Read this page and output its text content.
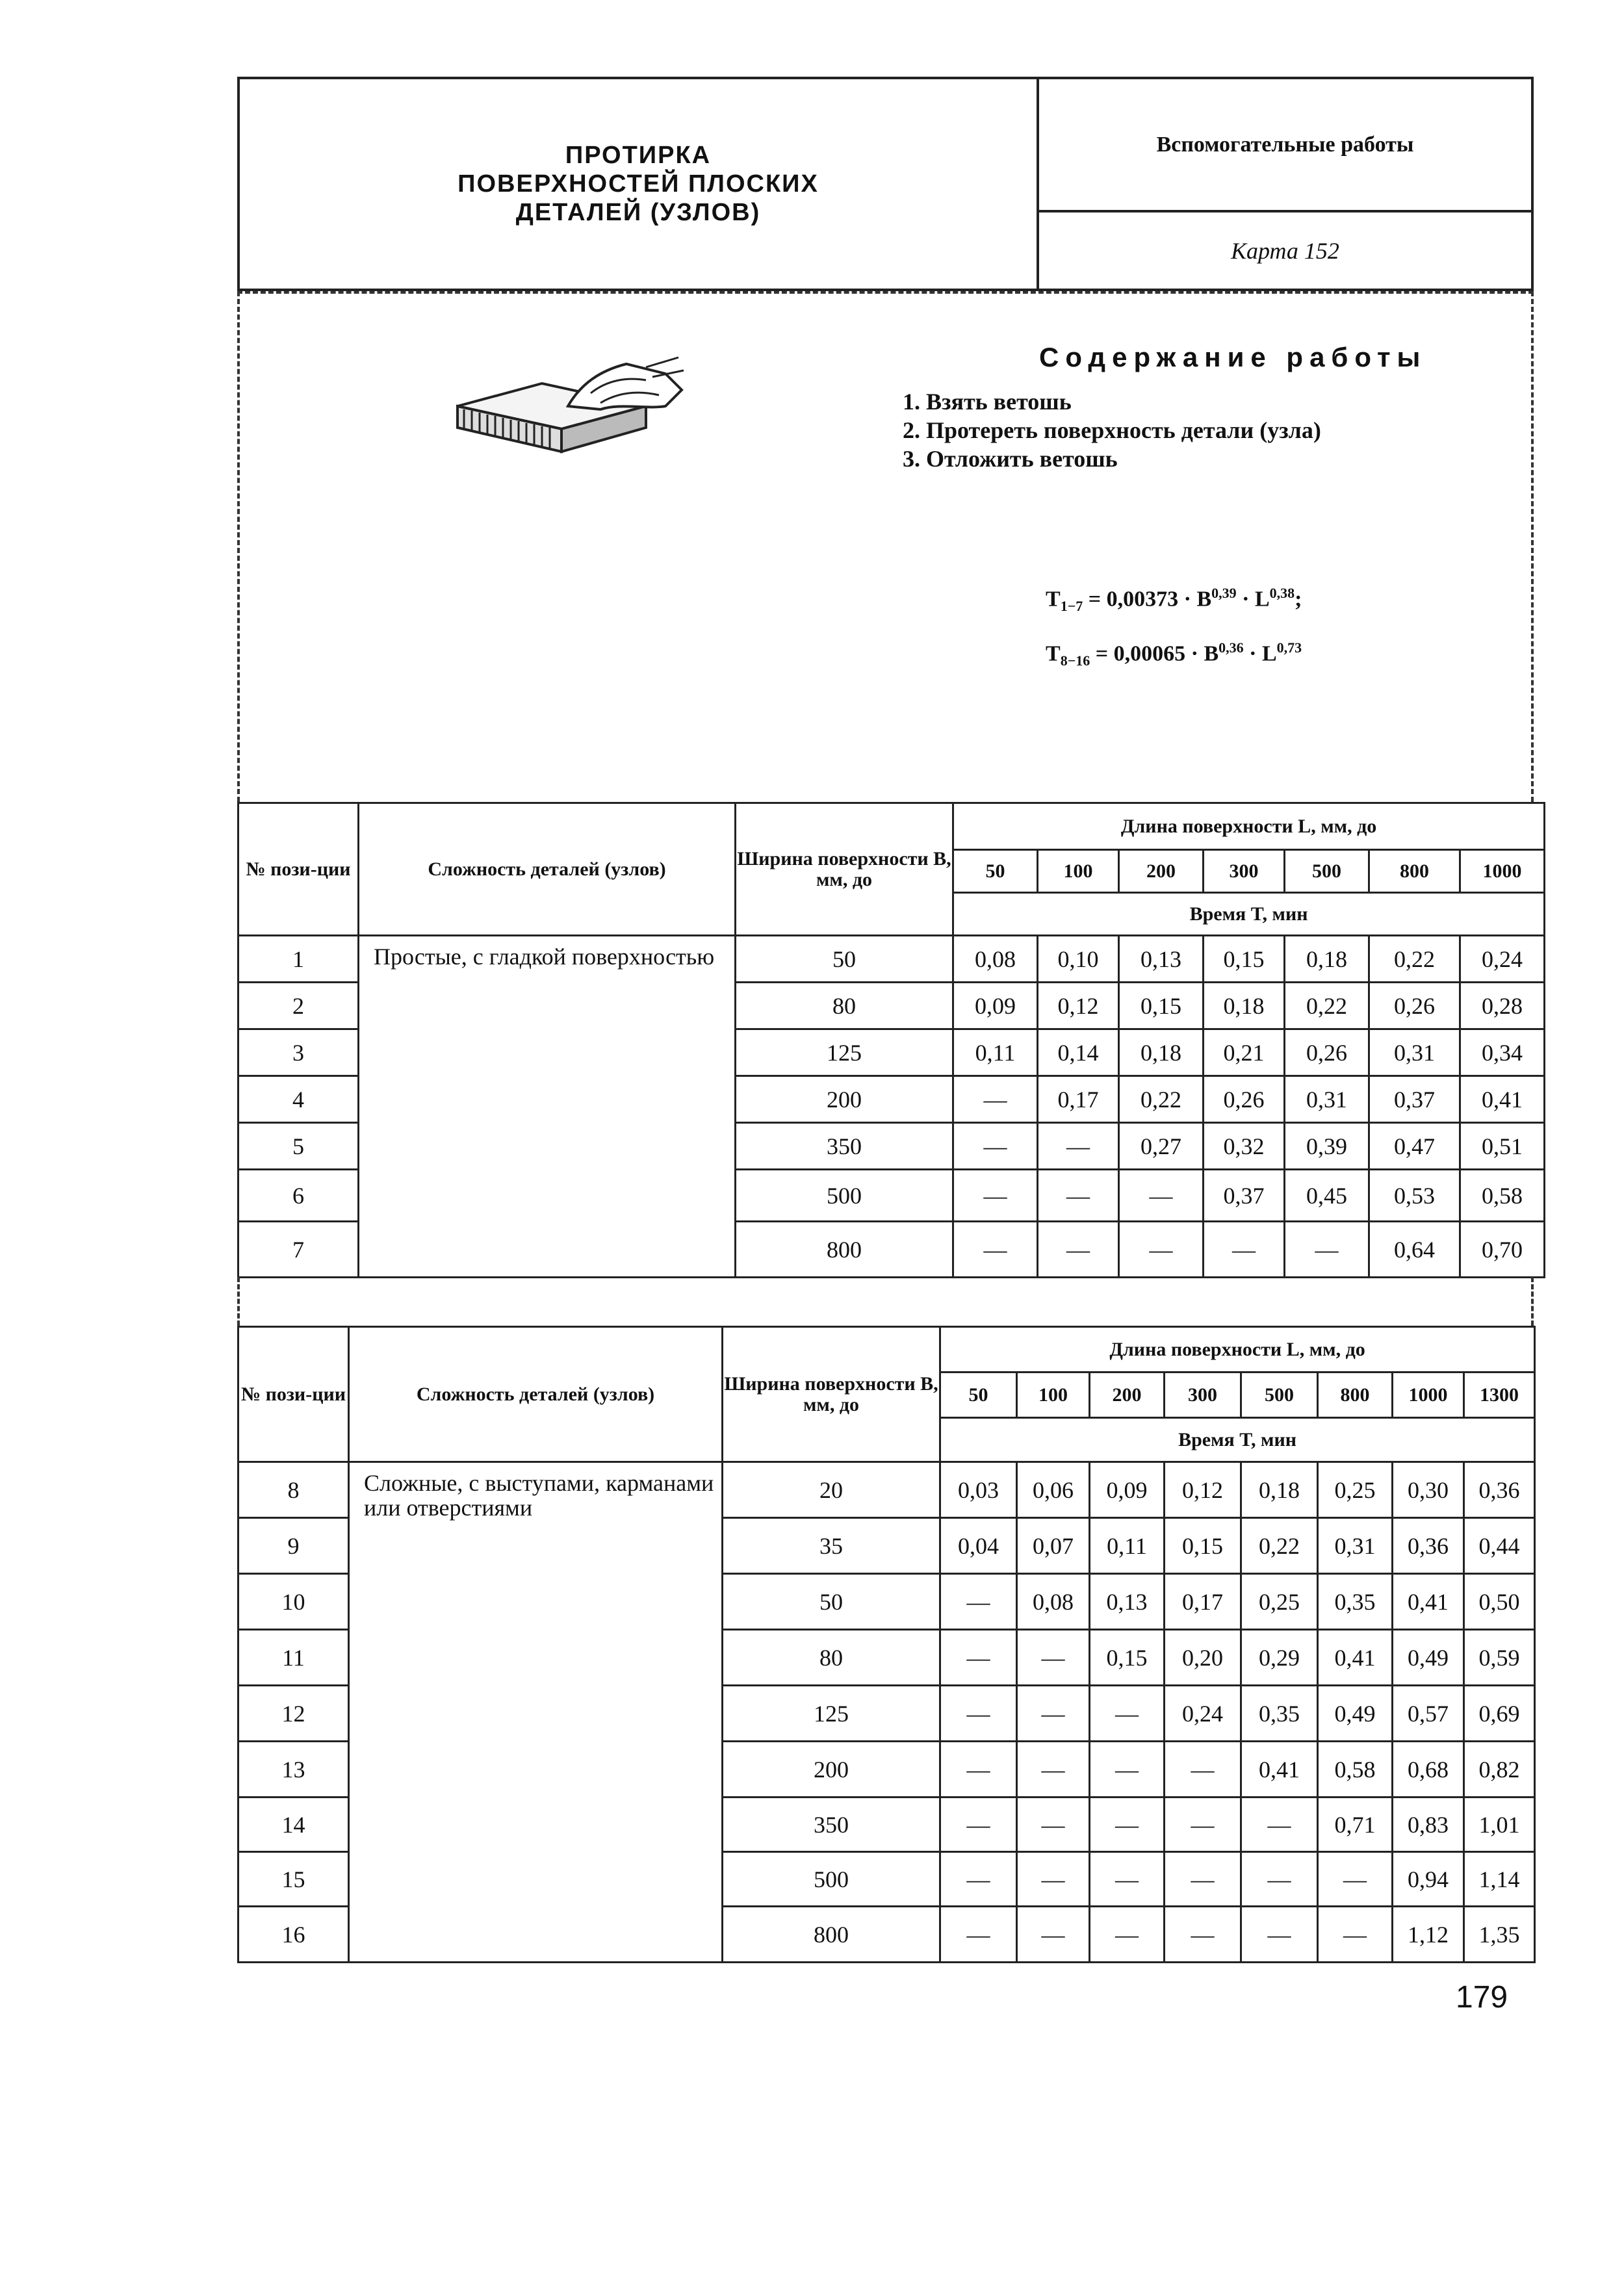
ПРОТИРКА ПОВЕРХНОСТЕЙ ПЛОСКИХ ДЕТАЛЕЙ (УЗЛОВ)
Вспомогательные работы
Карта 152
Содержание работы
1. Взять ветошь
2. Протереть поверхность детали (узла)
3. Отложить ветошь
$T_{1-7} = 0,00373 \cdot B^{0,39} \cdot L^{0,38}$;
$T_{8-16} = 0,00065 \cdot B^{0,36} \cdot L^{0,73}$
№ пози-ции	Сложность деталей (узлов)	Ширина поверхности B, мм, до	Длина поверхности L, мм, до						
			50	100	200	300	500	800	1000
			Время T, мин						
1	Простые, с гладкой поверхностью	50	0,08	0,10	0,13	0,15	0,18	0,22	0,24
2		80	0,09	0,12	0,15	0,18	0,22	0,26	0,28
3		125	0,11	0,14	0,18	0,21	0,26	0,31	0,34
4		200	—	0,17	0,22	0,26	0,31	0,37	0,41
5		350	—	—	0,27	0,32	0,39	0,47	0,51
6		500	—	—	—	0,37	0,45	0,53	0,58
7		800	—	—	—	—	—	0,64	0,70
№ пози-ции	Сложность деталей (узлов)	Ширина поверхности B, мм, до	Длина поверхности L, мм, до							
			50	100	200	300	500	800	1000	1300
			Время T, мин							
8	Сложные, с выступами, карманами или отверстиями	20	0,03	0,06	0,09	0,12	0,18	0,25	0,30	0,36
9		35	0,04	0,07	0,11	0,15	0,22	0,31	0,36	0,44
10		50	—	0,08	0,13	0,17	0,25	0,35	0,41	0,50
11		80	—	—	0,15	0,20	0,29	0,41	0,49	0,59
12		125	—	—	—	0,24	0,35	0,49	0,57	0,69
13		200	—	—	—	—	0,41	0,58	0,68	0,82
14		350	—	—	—	—	—	0,71	0,83	1,01
15		500	—	—	—	—	—	—	0,94	1,14
16		800	—	—	—	—	—	—	1,12	1,35
179
